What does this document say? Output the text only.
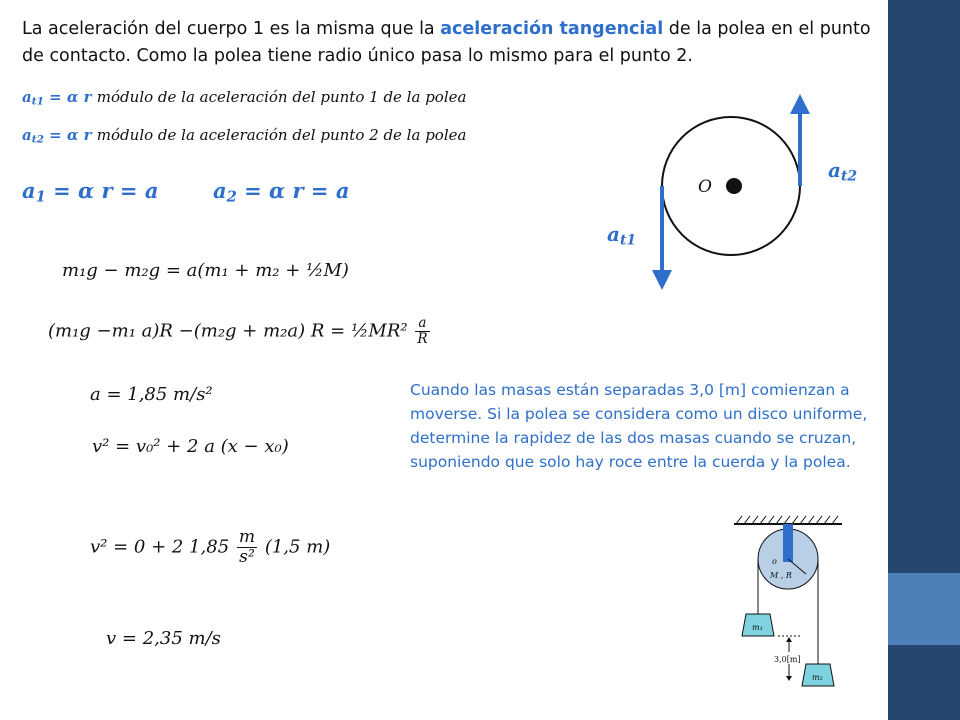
La aceleración del cuerpo 1 es la misma que la aceleración tangencial de la polea en el punto de contacto. Como la polea tiene radio único pasa lo mismo para el punto 2.
$a_{t1} = \alpha$ r módulo de la aceleración del punto 1 de la polea
$a_{t2} = \alpha$ r módulo de la aceleración del punto 2 de la polea
$a_1 = \alpha$ r = a	$a_2 = \alpha$ r = a
m₁g − m₂g = a(m₁ + m₂ + ½M)
(m₁g −m₁ a)R −(m₂g + m₂a) R = ½MR² $\frac{a}{R}$
a = 1,85 m/s²
v² = v₀² + 2 a (x − x₀)
v² = 0 + 2 $1,85 \frac{m}{\text{s²}} (1,5$ m)
v = 2,35 m/s
Cuando las masas están separadas 3,0 [m] comienzan a moverse. Si la polea se considera como un disco uniforme, determine la rapidez de las dos masas cuando se cruzan, suponiendo que solo hay roce entre la cuerda y la polea.
O
$a_{t2}$
$a_{t1}$
o
M , R
m₁
m₂
3,0[m]
